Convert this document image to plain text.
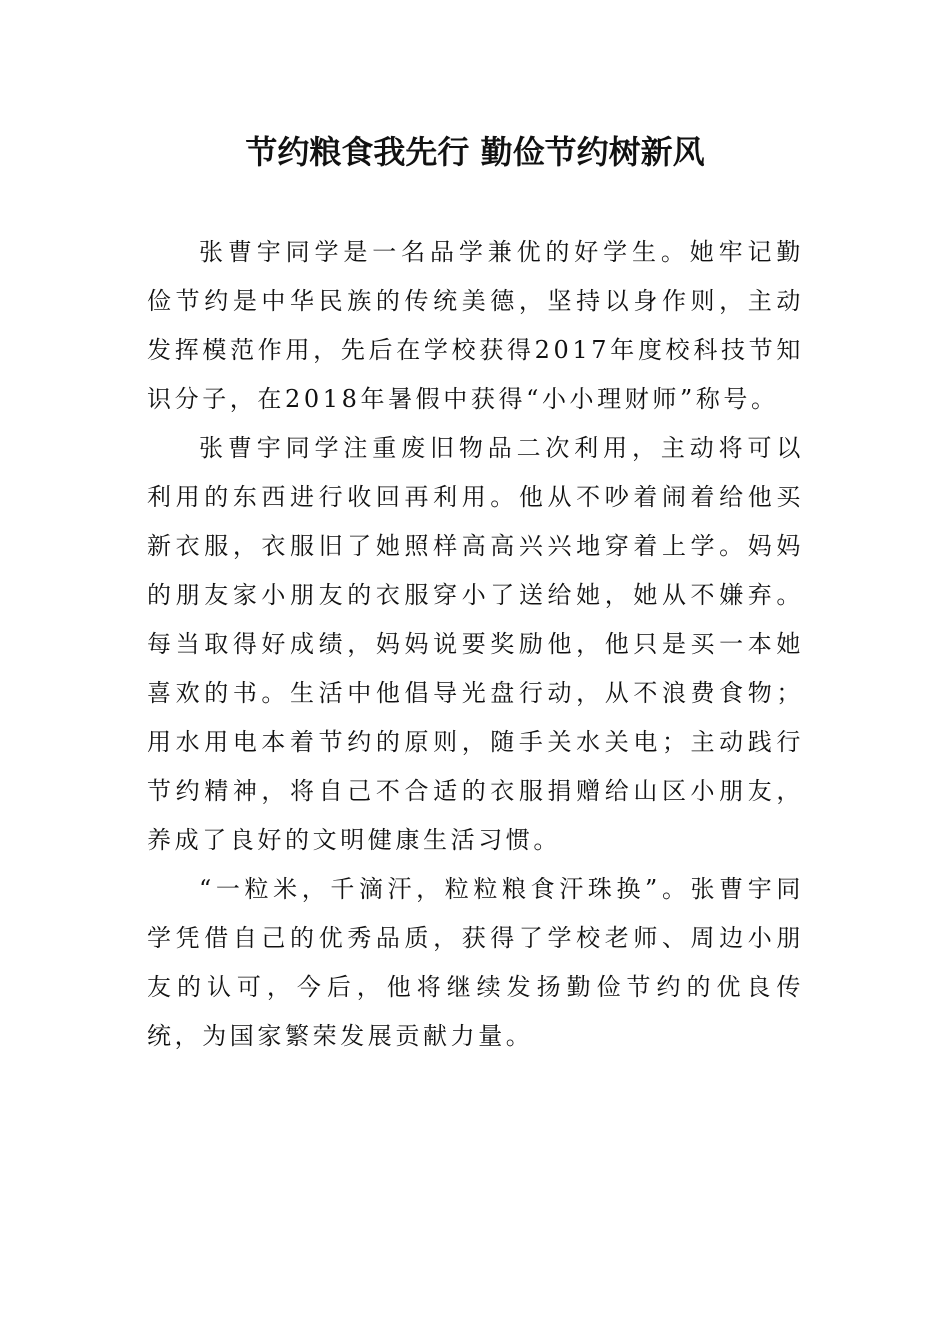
节约粮食我先行 勤俭节约树新风

张曹宇同学是一名品学兼优的好学生。她牢记勤俭节约是中华民族的传统美德，坚持以身作则，主动发挥模范作用，先后在学校获得2017年度校科技节知识分子，在2018年暑假中获得“小小理财师”称号。

张曹宇同学注重废旧物品二次利用，主动将可以利用的东西进行收回再利用。他从不吵着闹着给他买新衣服，衣服旧了她照样高高兴兴地穿着上学。妈妈的朋友家小朋友的衣服穿小了送给她，她从不嫌弃。每当取得好成绩，妈妈说要奖励他，他只是买一本她喜欢的书。生活中他倡导光盘行动，从不浪费食物；用水用电本着节约的原则，随手关水关电；主动践行节约精神，将自己不合适的衣服捐赠给山区小朋友，养成了良好的文明健康生活习惯。

“一粒米，千滴汗，粒粒粮食汗珠换”。张曹宇同学凭借自己的优秀品质，获得了学校老师、周边小朋友的认可，今后，他将继续发扬勤俭节约的优良传统，为国家繁荣发展贡献力量。
